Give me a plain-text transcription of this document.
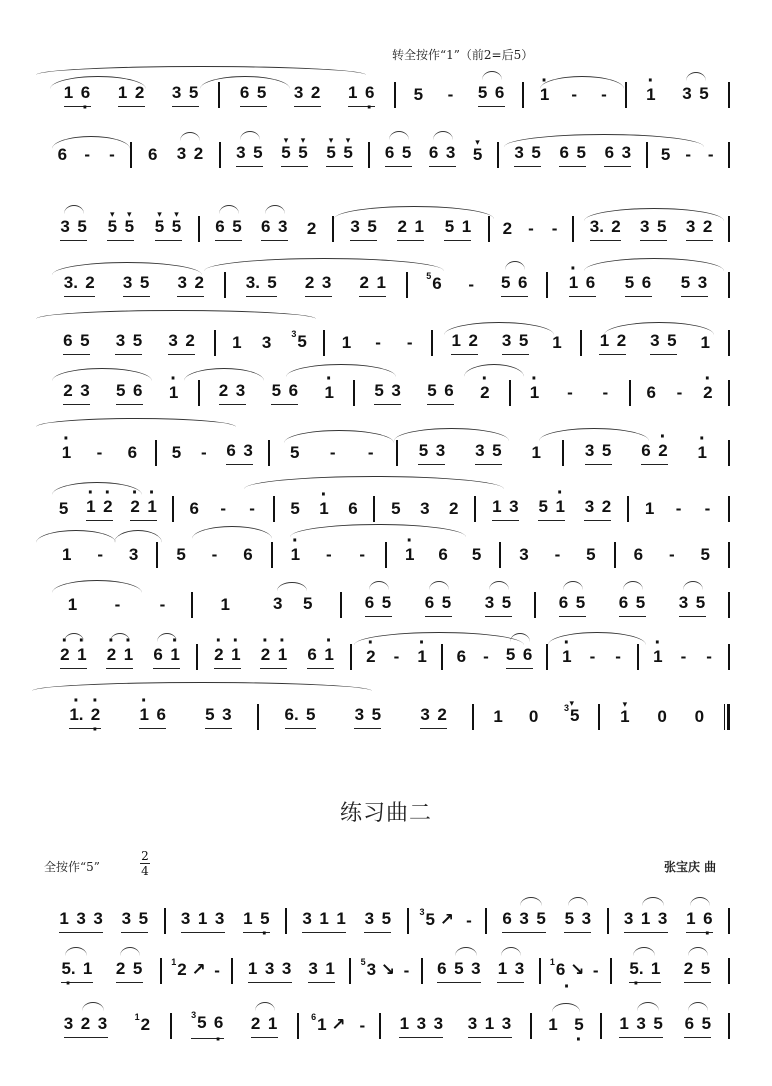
转全按作“1”（前2=后5）
1 6 · 1 2 3 5 6 5 3 2 1 6 · 5 - 5 6 · 1 - - · 1 3 5
6 - - 6 3 2 3 5 ▾ 5 ▾ 5 ▾ 5 ▾ 5 6 5 6 3 ▾ 5 3 5 6 5 6 3 5 - -
3 5 ▾ 5 ▾ 5 ▾ 5 ▾ 5 6 5 6 3 2 3 5 2 1 5 1 2 - - 3. 2 3 5 3 2
3. 2 3 5 3 2 3. 5 2 3 2 1	$^5$6 - 5 6 · 1 6 5 6 5 3
6 5 3 5 3 2 1 3 $^3$5 1 - - 1 2 3 5 1 1 2 3 5 1
2 3 5 6 · 1 2 3 5 6 · 1 5 3 5 6 · 2 · 1 - - 6 - · 2
· 1 - 6 5 - 6 3 5 - -	5 3 3 5 1	3 5 6 · 2 · 1
5 · 1 · 2 · 2 · 1 6 - - 5 · 1 6 5 3 2 1 3 5 · 1 3 2 1 - -
1 - 3 5 - 6 · 1 - - · 1 6 5 3 - 5 6 - 5
1 - -	1	3 5	6 5 6 5 3 5	6 5 6 5 3 5
· 2 · 1 · 2 · 1 6 · 1 · 2 · 1 · 2 · 1 6 · 1 · 2 - · 1 6 - 5 6 · 1 - - · 1 - -
· 1. · 2 · · 1 6 5 3	6. 5 3 5 3 2	1 0	▾ $^3$5 ▾ 1 0 0
练习曲二
全按作“5”
2
4	张宝庆 曲
1 3 3 3 5 3 1 3 1 5 · 3 1 1 3 5	$^3$5 ↗ - 6 3 5 5 3 3 1 3 1 6 ·
5. · 1 2 5	$^1$2 ↗ - 1 3 3 3 1	$^5$3 ↘ - 6 5 3 1 3	$^1$6 ↘ · - 5. · 1 2 5
3 2 3	$^1$2	$^3$5 6 · 2 1	$^6$1 ↗ - 1 3 3 3 1 3 1 5 · 1 3 5 6 5
